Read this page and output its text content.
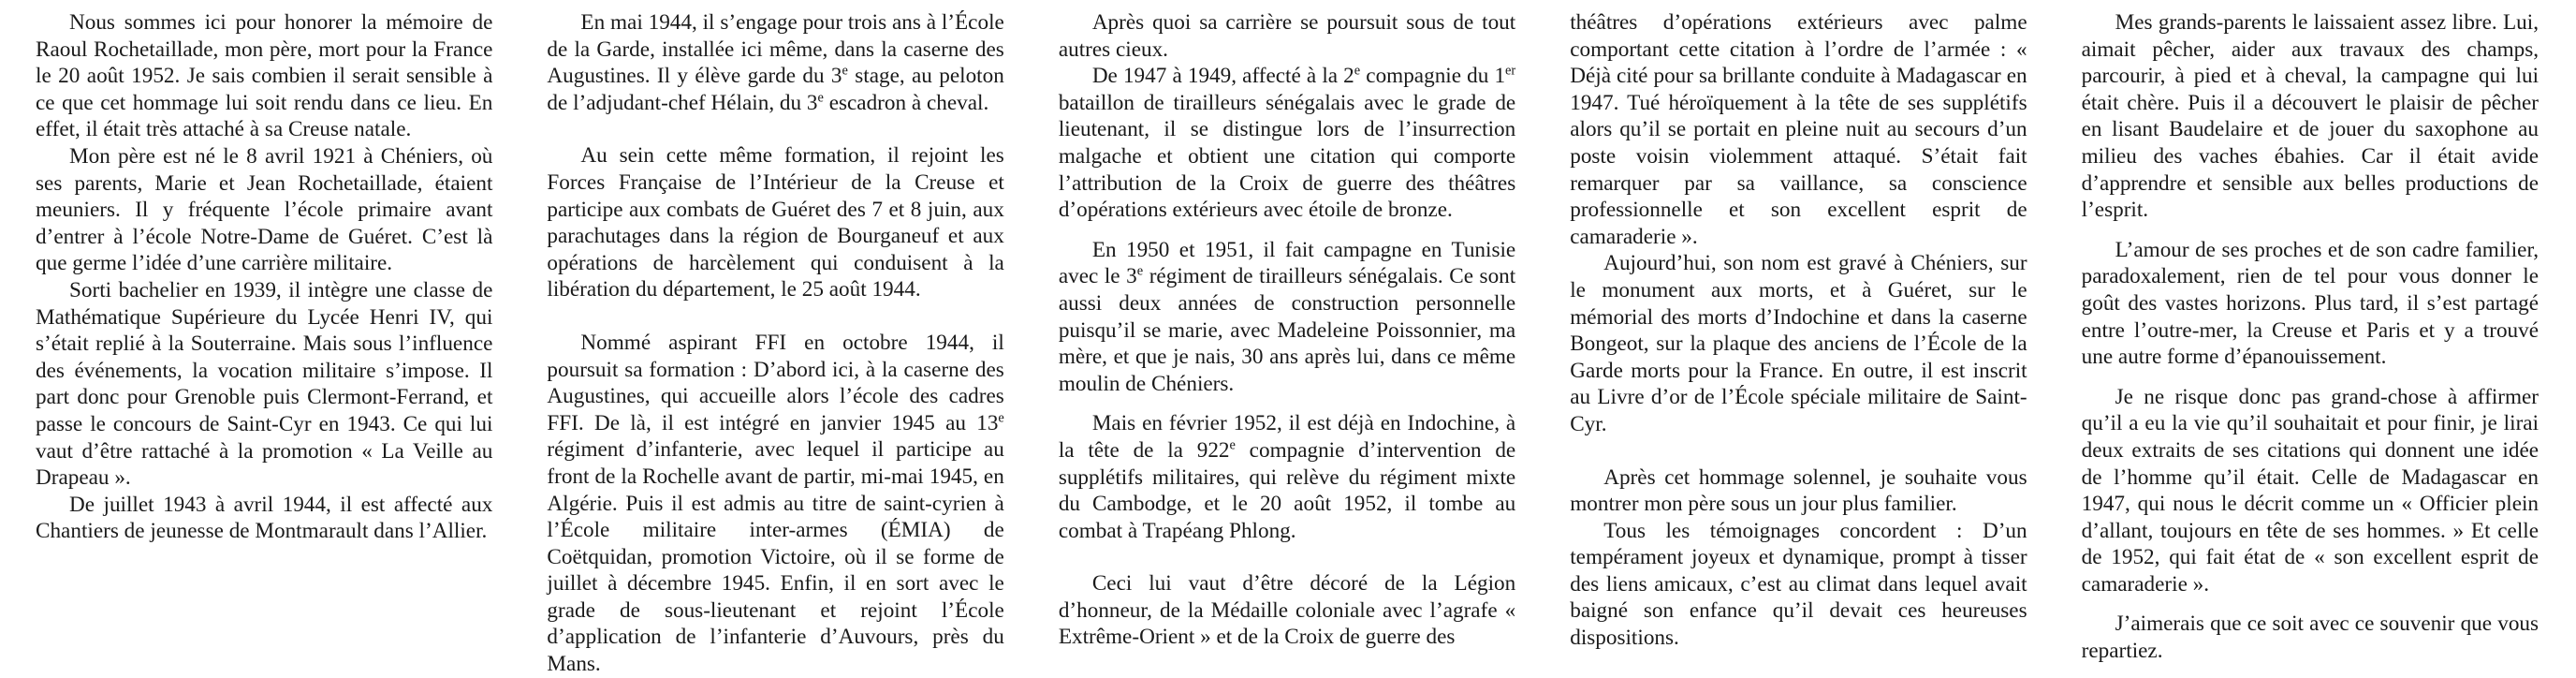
Nous sommes ici pour honorer la mémoire de Raoul Rochetaillade, mon père, mort pour la France le 20 août 1952. Je sais combien il serait sensible à ce que cet hommage lui soit rendu dans ce lieu. En effet, il était très attaché à sa Creuse natale.

Mon père est né le 8 avril 1921 à Chéniers, où ses parents, Marie et Jean Rochetaillade, étaient meuniers. Il y fréquente l’école primaire avant d’entrer à l’école Notre-Dame de Guéret. C’est là que germe l’idée d’une carrière militaire.

Sorti bachelier en 1939, il intègre une classe de Mathématique Supérieure du Lycée Henri IV, qui s’était replié à la Souterraine. Mais sous l’influence des événements, la vocation militaire s’impose. Il part donc pour Grenoble puis Clermont-Ferrand, et passe le concours de Saint-Cyr en 1943. Ce qui lui vaut d’être rattaché à la promotion « La Veille au Drapeau ».

De juillet 1943 à avril 1944, il est affecté aux Chantiers de jeunesse de Montmarault dans l’Allier.

En mai 1944, il s’engage pour trois ans à l’École de la Garde, installée ici même, dans la caserne des Augustines. Il y élève garde du 3e stage, au peloton de l’adjudant-chef Hélain, du 3e escadron à cheval.

Au sein cette même formation, il rejoint les Forces Française de l’Intérieur de la Creuse et participe aux combats de Guéret des 7 et 8 juin, aux parachutages dans la région de Bourganeuf et aux opérations de harcèlement qui conduisent à la libération du département, le 25 août 1944.

Nommé aspirant FFI en octobre 1944, il poursuit sa formation : D’abord ici, à la caserne des Augustines, qui accueille alors l’école des cadres FFI. De là, il est intégré en janvier 1945 au 13e régiment d’infanterie, avec lequel il participe au front de la Rochelle avant de partir, mi-mai 1945, en Algérie. Puis il est admis au titre de saint-cyrien à l’École militaire inter-armes (ÉMIA) de Coëtquidan, promotion Victoire, où il se forme de juillet à décembre 1945. Enfin, il en sort avec le grade de sous-lieutenant et rejoint l’École d’application de l’infanterie d’Auvours, près du Mans.

Après quoi sa carrière se poursuit sous de tout autres cieux.

De 1947 à 1949, affecté à la 2e compagnie du 1er bataillon de tirailleurs sénégalais avec le grade de lieutenant, il se distingue lors de l’insurrection malgache et obtient une citation qui comporte l’attribution de la Croix de guerre des théâtres d’opérations extérieurs avec étoile de bronze.

En 1950 et 1951, il fait campagne en Tunisie avec le 3e régiment de tirailleurs sénégalais. Ce sont aussi deux années de construction personnelle puisqu’il se marie, avec Madeleine Poissonnier, ma mère, et que je nais, 30 ans après lui, dans ce même moulin de Chéniers.

Mais en février 1952, il est déjà en Indochine, à la tête de la 922e compagnie d’intervention de supplétifs militaires, qui relève du régiment mixte du Cambodge, et le 20 août 1952, il tombe au combat à Trapéang Phlong.

Ceci lui vaut d’être décoré de la Légion d’honneur, de la Médaille coloniale avec l’agrafe « Extrême-Orient » et de la Croix de guerre des

théâtres d’opérations extérieurs avec palme comportant cette citation à l’ordre de l’armée : « Déjà cité pour sa brillante conduite à Madagascar en 1947. Tué héroïquement à la tête de ses supplétifs alors qu’il se portait en pleine nuit au secours d’un poste voisin violemment attaqué. S’était fait remarquer par sa vaillance, sa conscience professionnelle et son excellent esprit de camaraderie ».

Aujourd’hui, son nom est gravé à Chéniers, sur le monument aux morts, et à Guéret, sur le mémorial des morts d’Indochine et dans la caserne Bongeot, sur la plaque des anciens de l’École de la Garde morts pour la France. En outre, il est inscrit au Livre d’or de l’École spéciale militaire de Saint-Cyr.

Après cet hommage solennel, je souhaite vous montrer mon père sous un jour plus familier.

Tous les témoignages concordent : D’un tempérament joyeux et dynamique, prompt à tisser des liens amicaux, c’est au climat dans lequel avait baigné son enfance qu’il devait ces heureuses dispositions.

Mes grands-parents le laissaient assez libre. Lui, aimait pêcher, aider aux travaux des champs, parcourir, à pied et à cheval, la campagne qui lui était chère. Puis il a découvert le plaisir de pêcher en lisant Baudelaire et de jouer du saxophone au milieu des vaches ébahies. Car il était avide d’apprendre et sensible aux belles productions de l’esprit.

L’amour de ses proches et de son cadre familier, paradoxalement, rien de tel pour vous donner le goût des vastes horizons. Plus tard, il s’est partagé entre l’outre-mer, la Creuse et Paris et y a trouvé une autre forme d’épanouissement.

Je ne risque donc pas grand-chose à affirmer qu’il a eu la vie qu’il souhaitait et pour finir, je lirai deux extraits de ses citations qui donnent une idée de l’homme qu’il était. Celle de Madagascar en 1947, qui nous le décrit comme un « Officier plein d’allant, toujours en tête de ses hommes. » Et celle de 1952, qui fait état de « son excellent esprit de camaraderie ».

J’aimerais que ce soit avec ce souvenir que vous repartiez.
